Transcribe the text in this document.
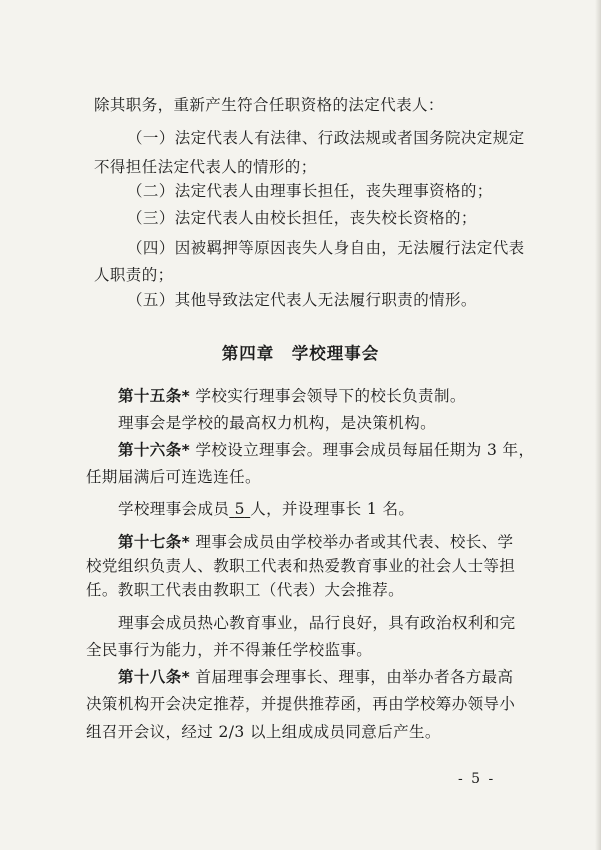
除其职务，重新产生符合任职资格的法定代表人：
（一）法定代表人有法律、行政法规或者国务院决定规定
不得担任法定代表人的情形的；
（二）法定代表人由理事长担任，丧失理事资格的；
（三）法定代表人由校长担任，丧失校长资格的；
（四）因被羁押等原因丧失人身自由，无法履行法定代表
人职责的；
（五）其他导致法定代表人无法履行职责的情形。
第四章　学校理事会
第十五条* 学校实行理事会领导下的校长负责制。
理事会是学校的最高权力机构，是决策机构。
第十六条* 学校设立理事会。理事会成员每届任期为 3 年，
任期届满后可连选连任。
学校理事会成员 5 人，并设理事长 1 名。
第十七条* 理事会成员由学校举办者或其代表、校长、学
校党组织负责人、教职工代表和热爱教育事业的社会人士等担
任。教职工代表由教职工（代表）大会推荐。
理事会成员热心教育事业，品行良好，具有政治权利和完
全民事行为能力，并不得兼任学校监事。
第十八条* 首届理事会理事长、理事，由举办者各方最高
决策机构开会决定推荐，并提供推荐函，再由学校筹办领导小
组召开会议，经过 2/3 以上组成成员同意后产生。
- 5 -
